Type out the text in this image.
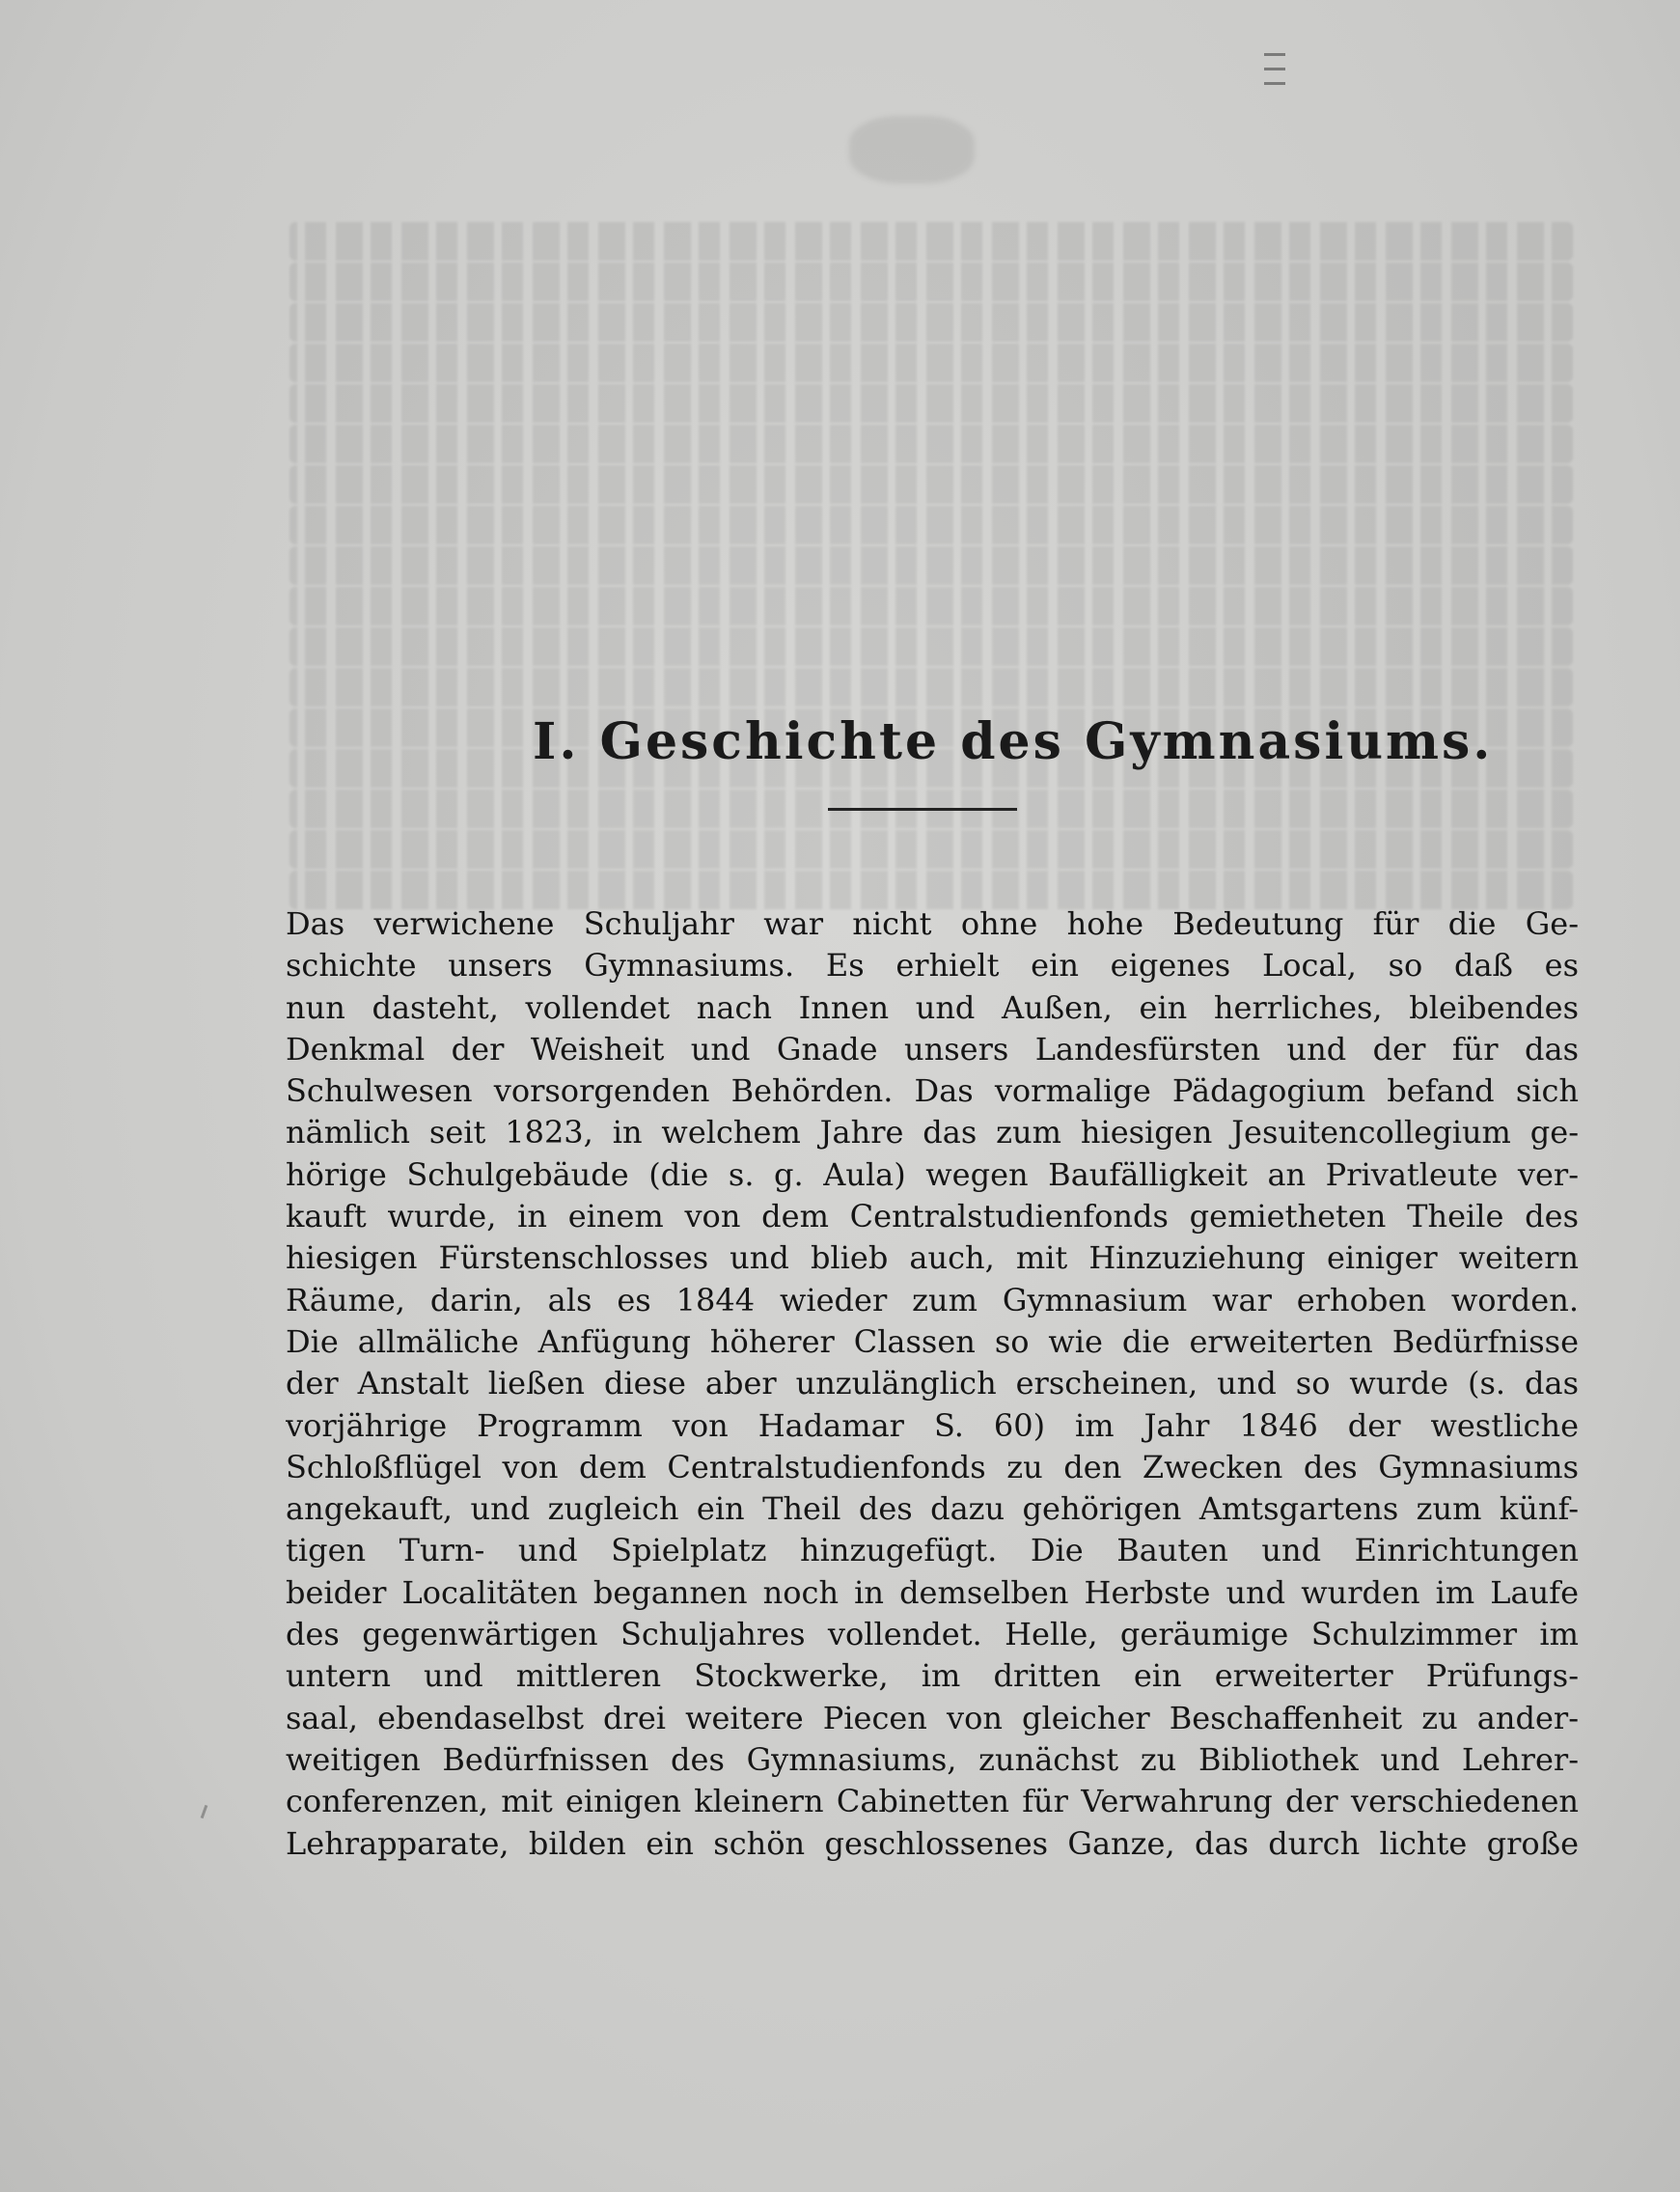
I. Geschichte des Gymnasiums.
Das verwichene Schuljahr war nicht ohne hohe Bedeutung für die Ge-
schichte unsers Gymnasiums. Es erhielt ein eigenes Local, so daß es
nun dasteht, vollendet nach Innen und Außen, ein herrliches, bleibendes
Denkmal der Weisheit und Gnade unsers Landesfürsten und der für das
Schulwesen vorsorgenden Behörden. Das vormalige Pädagogium befand sich
nämlich seit 1823, in welchem Jahre das zum hiesigen Jesuitencollegium ge-
hörige Schulgebäude (die s. g. Aula) wegen Baufälligkeit an Privatleute ver-
kauft wurde, in einem von dem Centralstudienfonds gemietheten Theile des
hiesigen Fürstenschlosses und blieb auch, mit Hinzuziehung einiger weitern
Räume, darin, als es 1844 wieder zum Gymnasium war erhoben worden.
Die allmäliche Anfügung höherer Classen so wie die erweiterten Bedürfnisse
der Anstalt ließen diese aber unzulänglich erscheinen, und so wurde (s. das
vorjährige Programm von Hadamar S. 60) im Jahr 1846 der westliche
Schloßflügel von dem Centralstudienfonds zu den Zwecken des Gymnasiums
angekauft, und zugleich ein Theil des dazu gehörigen Amtsgartens zum künf-
tigen Turn- und Spielplatz hinzugefügt. Die Bauten und Einrichtungen
beider Localitäten begannen noch in demselben Herbste und wurden im Laufe
des gegenwärtigen Schuljahres vollendet. Helle, geräumige Schulzimmer im
untern und mittleren Stockwerke, im dritten ein erweiterter Prüfungs-
saal, ebendaselbst drei weitere Piecen von gleicher Beschaffenheit zu ander-
weitigen Bedürfnissen des Gymnasiums, zunächst zu Bibliothek und Lehrer-
conferenzen, mit einigen kleinern Cabinetten für Verwahrung der verschiedenen
Lehrapparate, bilden ein schön geschlossenes Ganze, das durch lichte große
